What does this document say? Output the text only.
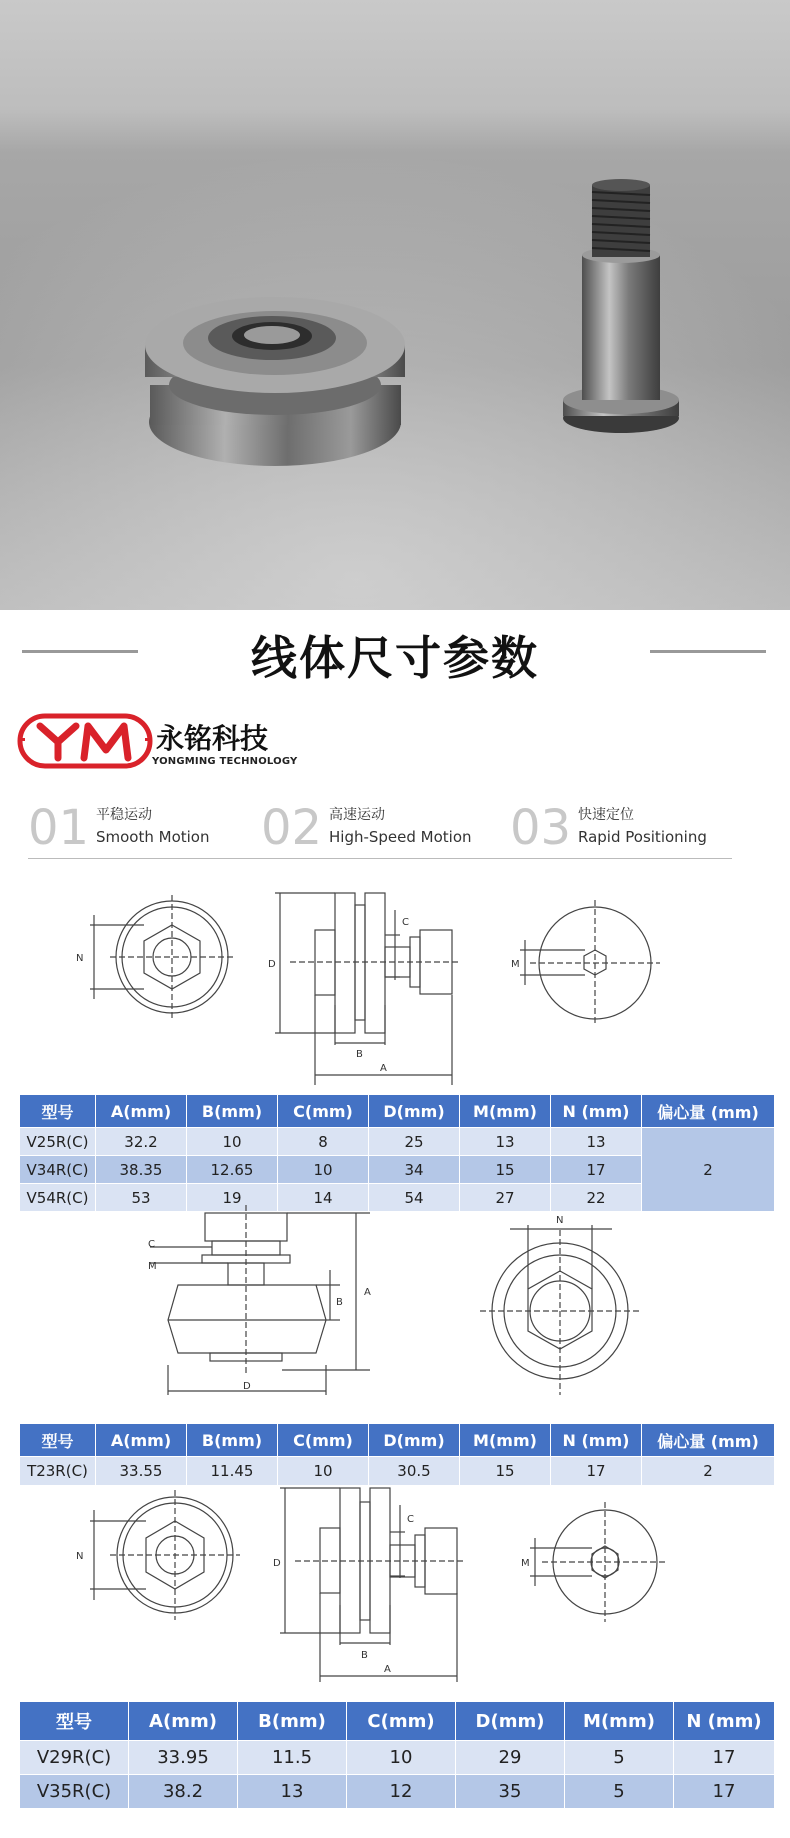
线体尺寸参数
永铭科技
YONGMING TECHNOLOGY
01 平稳运动
Smooth Motion 02 高速运动
High-Speed Motion 03 快速定位
Rapid Positioning
N
D
B
A
C
M
型号	A(mm)	B(mm)	C(mm)	D(mm)	M(mm)	N (mm)	偏心量 (mm)
V25R(C)	32.2	10	8	25	13	13	2
V34R(C)	38.35	12.65	10	34	15	17	
V54R(C)	53	19	14	54	27	22	
C
M
A
B
D
N
型号	A(mm)	B(mm)	C(mm)	D(mm)	M(mm)	N (mm)	偏心量 (mm)
T23R(C)	33.55	11.45	10	30.5	15	17	2
N
D
B
A
C
M
型号	A(mm)	B(mm)	C(mm)	D(mm)	M(mm)	N (mm)
V29R(C)	33.95	11.5	10	29	5	17
V35R(C)	38.2	13	12	35	5	17
